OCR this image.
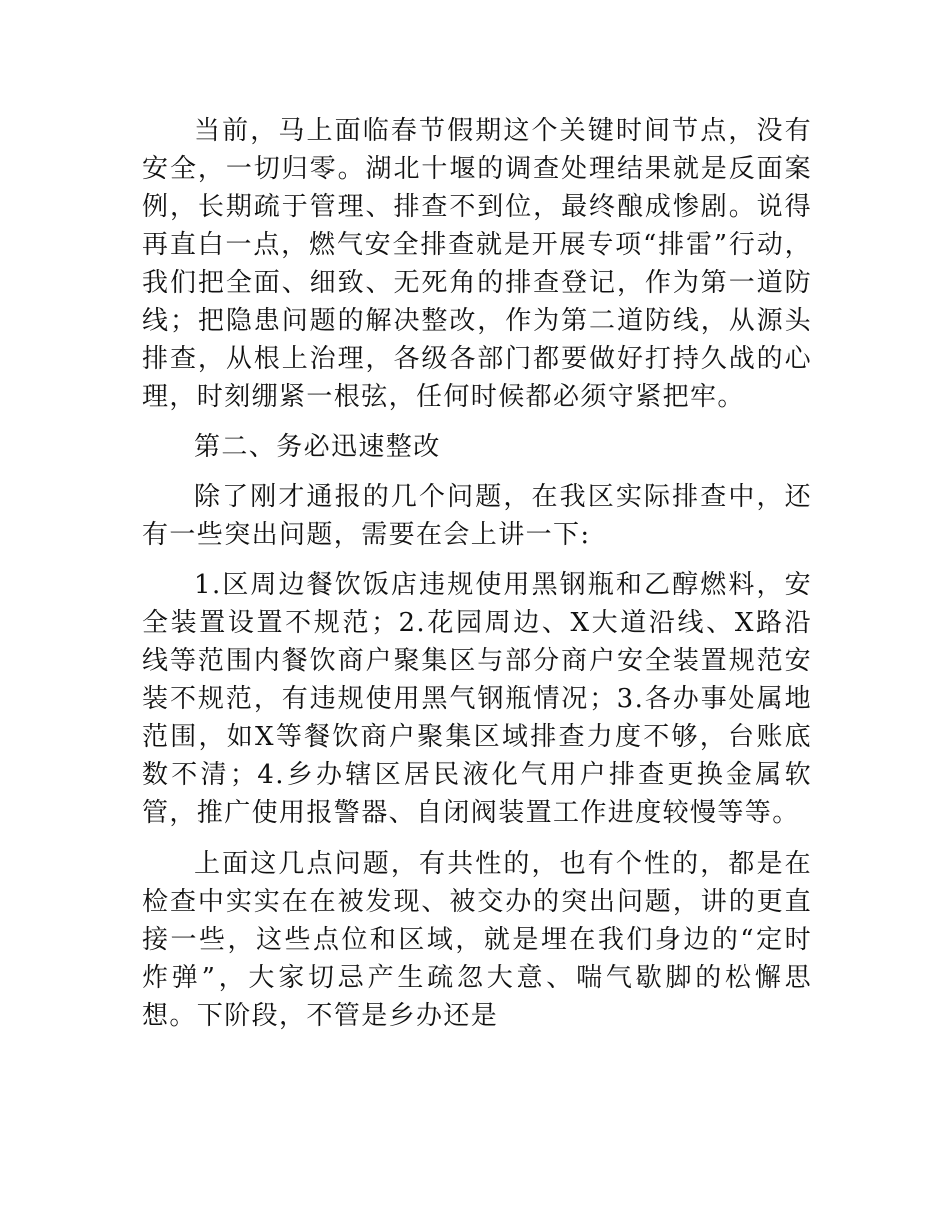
当前，马上面临春节假期这个关键时间节点，没有安全，一切归零。湖北十堰的调查处理结果就是反面案例，长期疏于管理、排查不到位，最终酿成惨剧。说得再直白一点，燃气安全排查就是开展专项“排雷”行动，我们把全面、细致、无死角的排查登记，作为第一道防线；把隐患问题的解决整改，作为第二道防线，从源头排查，从根上治理，各级各部门都要做好打持久战的心理，时刻绷紧一根弦，任何时候都必须守紧把牢。

第二、务必迅速整改

除了刚才通报的几个问题，在我区实际排查中，还有一些突出问题，需要在会上讲一下:

1.区周边餐饮饭店违规使用黑钢瓶和乙醇燃料，安全装置设置不规范；2.花园周边、X大道沿线、X路沿线等范围内餐饮商户聚集区与部分商户安全装置规范安装不规范，有违规使用黑气钢瓶情况；3.各办事处属地范围，如X等餐饮商户聚集区域排查力度不够，台账底数不清；4.乡办辖区居民液化气用户排查更换金属软管，推广使用报警器、自闭阀装置工作进度较慢等等。

上面这几点问题，有共性的，也有个性的，都是在检查中实实在在被发现、被交办的突出问题，讲的更直接一些，这些点位和区域，就是埋在我们身边的“定时炸弹”，大家切忌产生疏忽大意、喘气歇脚的松懈思想。下阶段，不管是乡办还是
